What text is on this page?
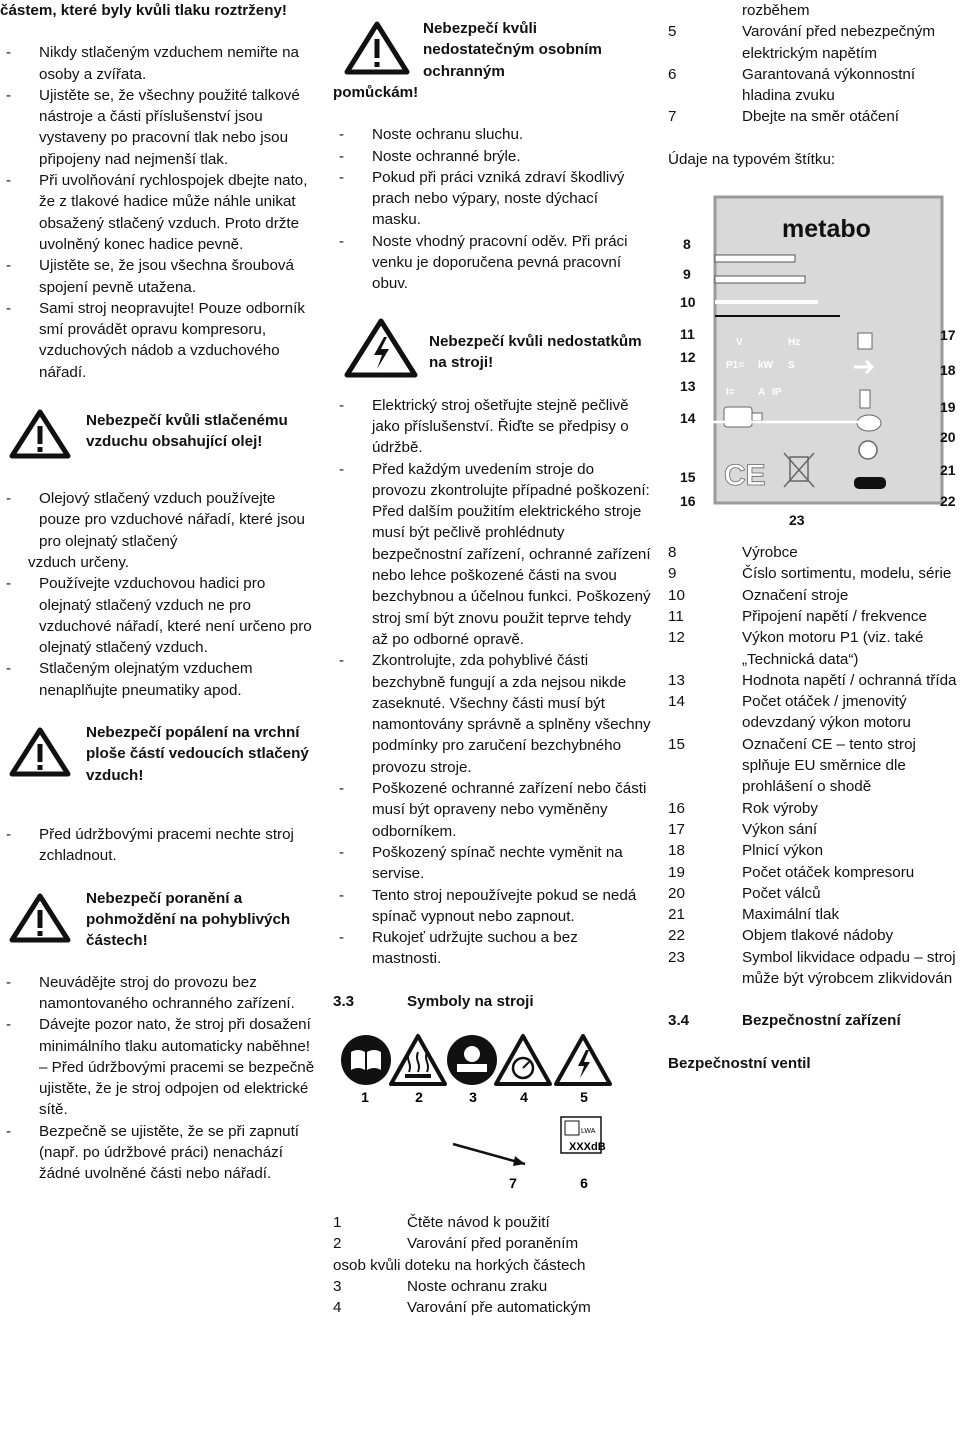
částem, které byly kvůli tlaku roztrženy!
-	Nikdy stlačeným vzduchem nemiřte na osoby a zvířata.
-	Ujistěte se, že všechny použité talkové nástroje a části příslušenství jsou vystaveny po pracovní tlak nebo jsou připojeny nad nejmenší tlak.
-	Při uvolňování rychlospojek dbejte nato, že z tlakové hadice může náhle unikat obsažený stlačený vzduch. Proto držte uvolněný konec hadice pevně.
-	Ujistěte se, že jsou všechna šroubová spojení pevně utažena.
-	Sami stroj neopravujte! Pouze odborník smí provádět opravu kompresoru, vzduchových nádob a vzduchového nářadí.
Nebezpečí kvůli stlačenému vzduchu obsahující olej!
-	Olejový stlačený vzduch používejte pouze pro vzduchové nářadí, které jsou pro olejnatý stlačený
vzduch určeny.
-	Používejte vzduchovou hadici pro olejnatý stlačený vzduch ne pro vzduchové nářadí, které není určeno pro olejnatý stlačený vzduch.
-	Stlačeným olejnatým vzduchem nenaplňujte pneumatiky apod.
Nebezpečí popálení na vrchní ploše částí vedoucích stlačený vzduch!
-	Před údržbovými pracemi nechte stroj zchladnout.
Nebezpečí poranění a pohmoždění na pohyblivých částech!
-	Neuvádějte stroj do provozu bez namontovaného ochranného zařízení.
-	Dávejte pozor nato, že stroj při dosažení minimálního tlaku automaticky naběhne! – Před údržbovými pracemi se bezpečně ujistěte, že je stroj odpojen od elektrické sítě.
-	Bezpečně se ujistěte, že se při zapnutí (např. po údržbové práci) nenachází žádné uvolněné části nebo nářadí.
Nebezpečí kvůli nedostatečným osobním ochranným
pomůckám!
-	Noste ochranu sluchu.
-	Noste ochranné brýle.
-	Pokud při práci vzniká zdraví škodlivý prach nebo výpary, noste dýchací masku.
-	Noste vhodný pracovní oděv. Při práci venku je doporučena pevná pracovní obuv.
Nebezpečí kvůli nedostatkům na stroji!
-	Elektrický stroj ošetřujte stejně pečlivě jako příslušenství. Řiďte se předpisy o údržbě.
-	Před každým uvedením stroje do provozu zkontrolujte případné poškození: Před dalším použitím elektrického stroje musí být pečlivě prohlédnuty bezpečnostní zařízení, ochranné zařízení nebo lehce poškozené části na svou bezchybnou a účelnou funkci. Poškozený stroj smí být znovu použit teprve tehdy až po odborné opravě.
-	Zkontrolujte, zda pohyblivé části bezchybně fungují a zda nejsou nikde zaseknuté. Všechny části musí být namontovány správně a splněny všechny podmínky pro zaručení bezchybného provozu stroje.
-	Poškozené ochranné zařízení nebo části musí být opraveny nebo vyměněny odborníkem.
-	Poškozený spínač nechte vyměnit na servise.
-	Tento stroj nepoužívejte pokud se nedá spínač vypnout nebo zapnout.
-	Rukojeť udržujte suchou a bez mastnosti.
3.3	Symboly na stroji
1	2	3	4	5
LWA
XXXdB
7	6
1	Čtěte návod k použití
2	Varování před poraněním
osob kvůli doteku na horkých částech
3	Noste ochranu zraku
4	Varování pře automatickým
rozběhem
5	Varování před nebezpečným elektrickým napětím
6	Garantovaná výkonnostní hladina zvuku
7	Dbejte na směr otáčení
Údaje na typovém štítku:
metabo
V	Hz
P1= kW S
I= A IP
CE
8
9
10
11
12
13
14
15
16
17
18
19
20
21
22
23
8	Výrobce
9	Číslo sortimentu, modelu, série
10	Označení stroje
11	Připojení napětí / frekvence
12	Výkon motoru P1 (viz. také „Technická data“)
13	Hodnota napětí / ochranná třída
14	Počet otáček / jmenovitý odevzdaný výkon motoru
15	Označení CE – tento stroj splňuje EU směrnice dle prohlášení o shodě
16	Rok výroby
17	Výkon sání
18	Plnicí výkon
19	Počet otáček kompresoru
20	Počet válců
21	Maximální tlak
22	Objem tlakové nádoby
23	Symbol likvidace odpadu – stroj může být výrobcem zlikvidován
3.4	Bezpečnostní zařízení
Bezpečnostní ventil
